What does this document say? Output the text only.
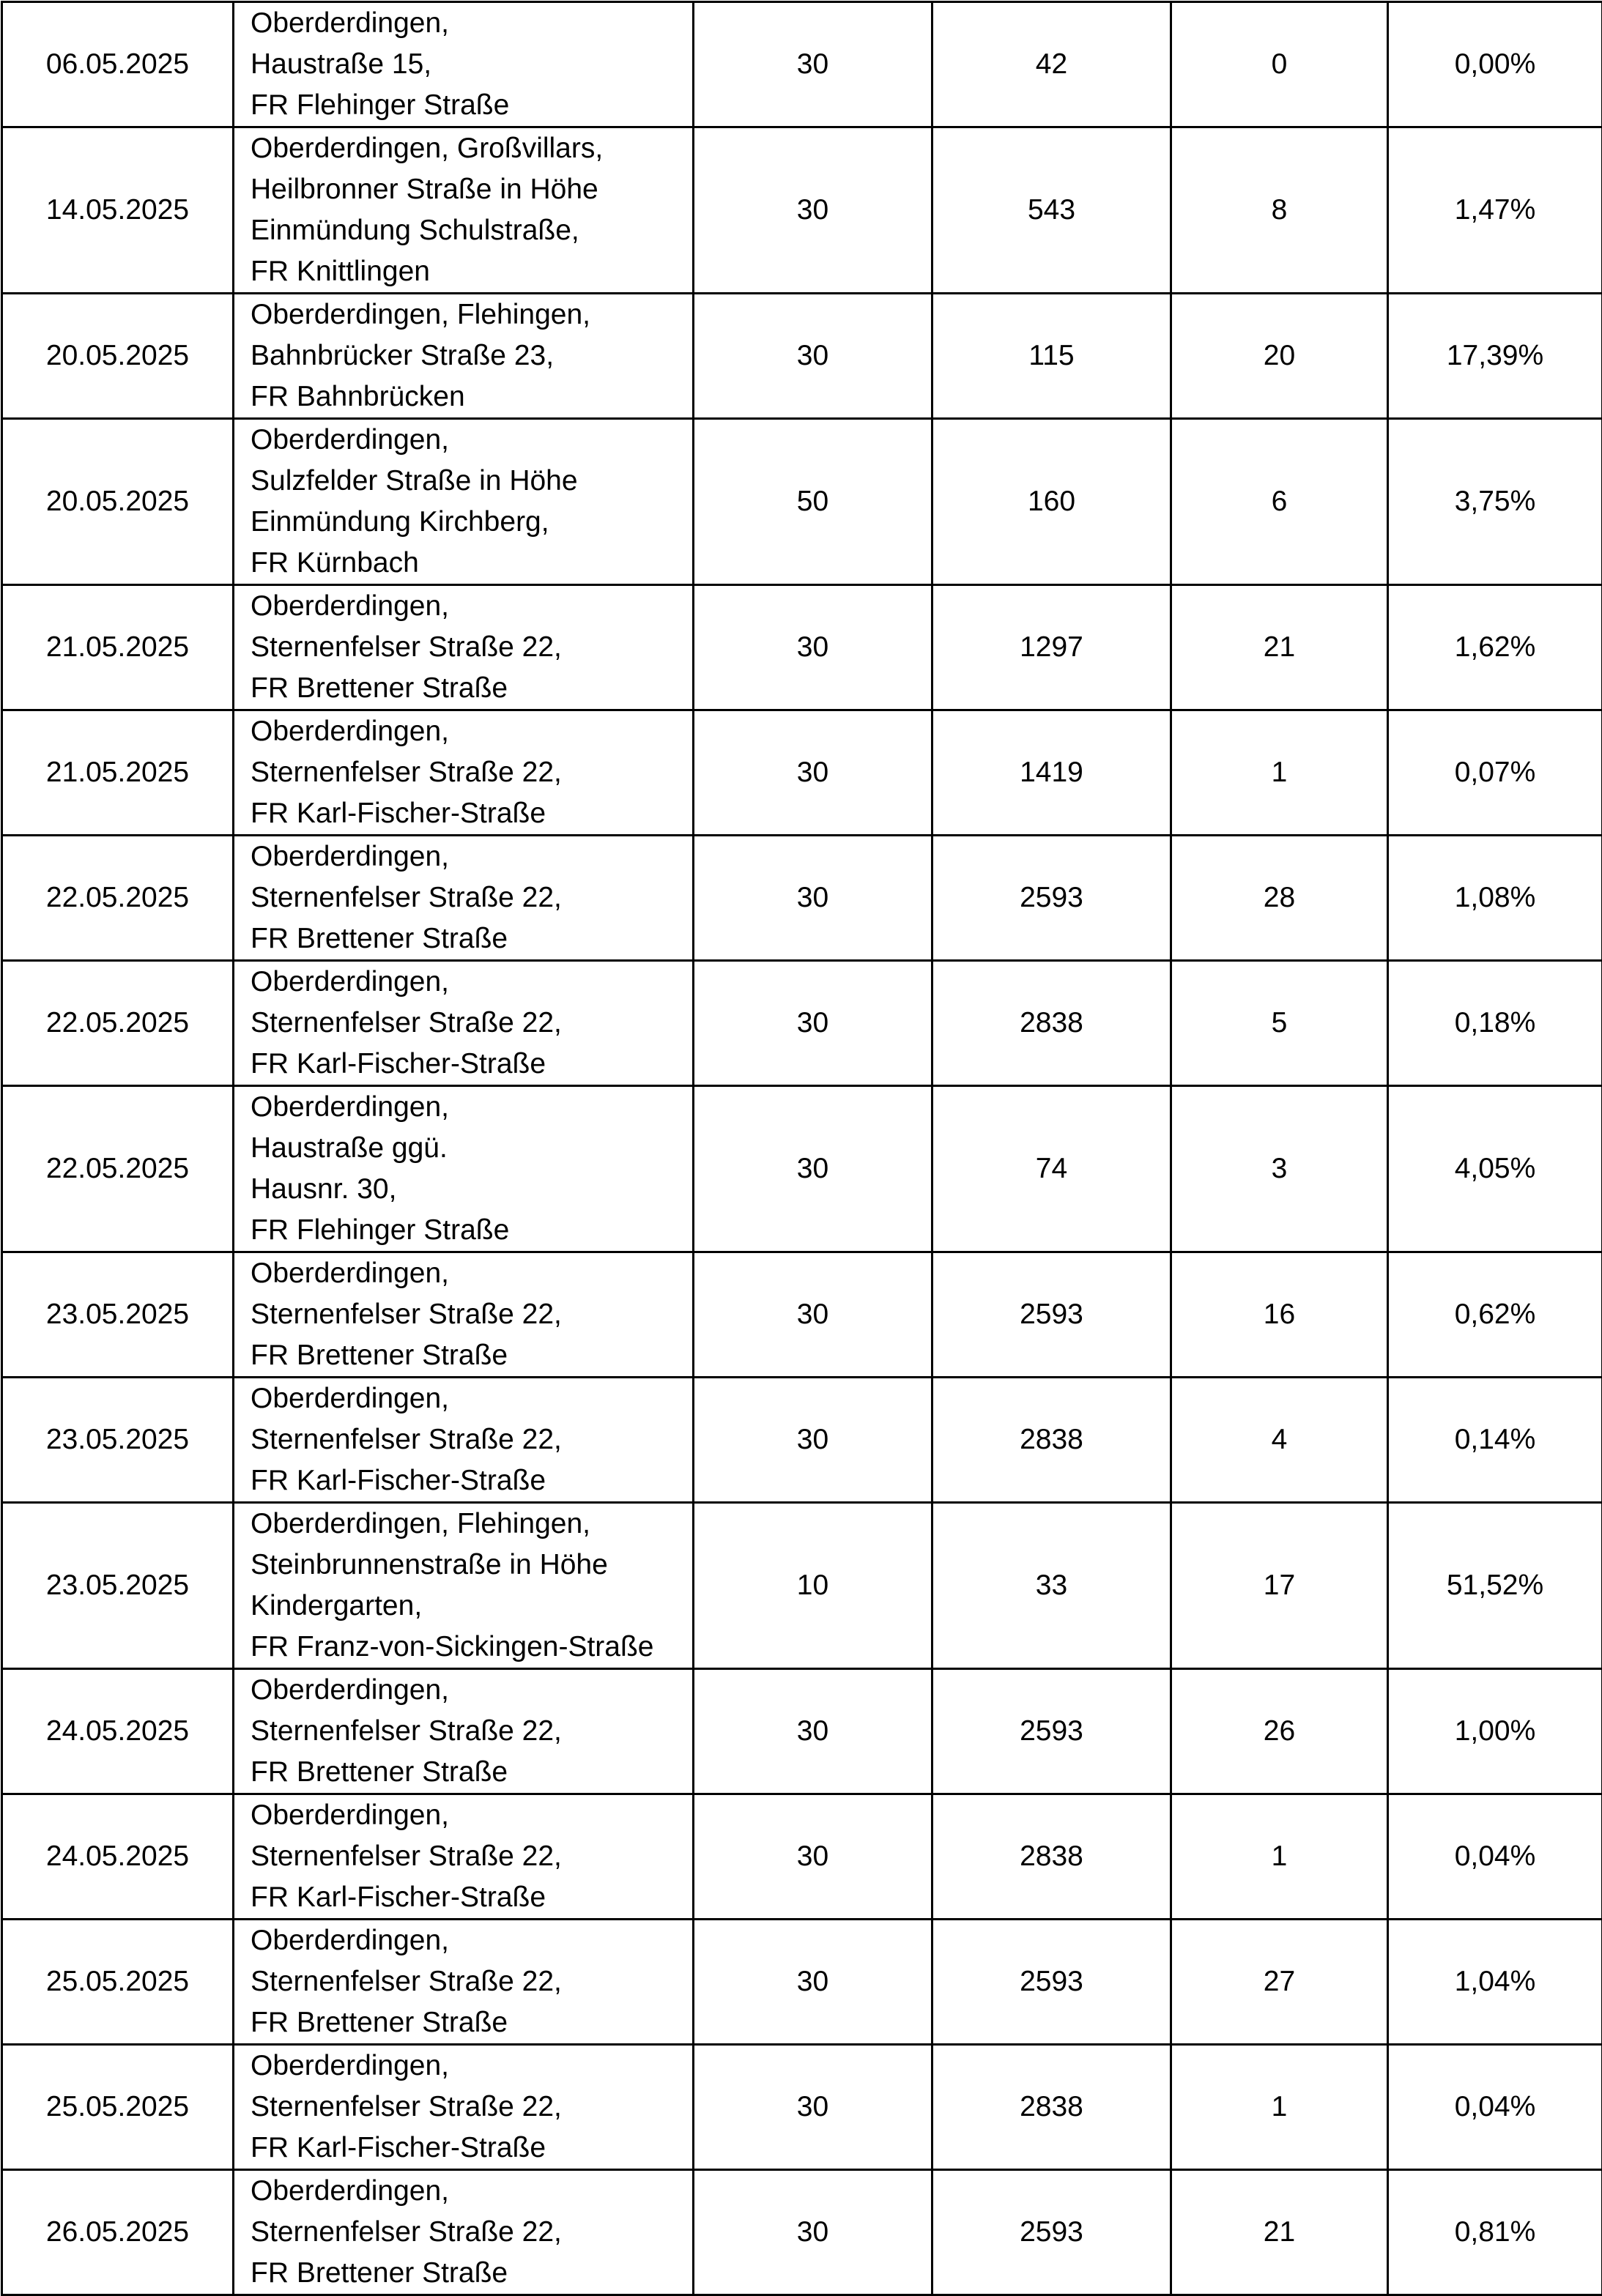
06.05.2025	Oberderdingen,
Haustraße 15,
FR Flehinger Straße	30	42	0	0,00%
14.05.2025	Oberderdingen, Großvillars,
Heilbronner Straße in Höhe
Einmündung Schulstraße,
FR Knittlingen	30	543	8	1,47%
20.05.2025	Oberderdingen, Flehingen,
Bahnbrücker Straße 23,
FR Bahnbrücken	30	115	20	17,39%
20.05.2025	Oberderdingen,
Sulzfelder Straße in Höhe
Einmündung Kirchberg,
FR Kürnbach	50	160	6	3,75%
21.05.2025	Oberderdingen,
Sternenfelser Straße 22,
FR Brettener Straße	30	1297	21	1,62%
21.05.2025	Oberderdingen,
Sternenfelser Straße 22,
FR Karl-Fischer-Straße	30	1419	1	0,07%
22.05.2025	Oberderdingen,
Sternenfelser Straße 22,
FR Brettener Straße	30	2593	28	1,08%
22.05.2025	Oberderdingen,
Sternenfelser Straße 22,
FR Karl-Fischer-Straße	30	2838	5	0,18%
22.05.2025	Oberderdingen,
Haustraße ggü.
Hausnr. 30,
FR Flehinger Straße	30	74	3	4,05%
23.05.2025	Oberderdingen,
Sternenfelser Straße 22,
FR Brettener Straße	30	2593	16	0,62%
23.05.2025	Oberderdingen,
Sternenfelser Straße 22,
FR Karl-Fischer-Straße	30	2838	4	0,14%
23.05.2025	Oberderdingen, Flehingen,
Steinbrunnenstraße in Höhe
Kindergarten,
FR Franz-von-Sickingen-Straße	10	33	17	51,52%
24.05.2025	Oberderdingen,
Sternenfelser Straße 22,
FR Brettener Straße	30	2593	26	1,00%
24.05.2025	Oberderdingen,
Sternenfelser Straße 22,
FR Karl-Fischer-Straße	30	2838	1	0,04%
25.05.2025	Oberderdingen,
Sternenfelser Straße 22,
FR Brettener Straße	30	2593	27	1,04%
25.05.2025	Oberderdingen,
Sternenfelser Straße 22,
FR Karl-Fischer-Straße	30	2838	1	0,04%
26.05.2025	Oberderdingen,
Sternenfelser Straße 22,
FR Brettener Straße	30	2593	21	0,81%
